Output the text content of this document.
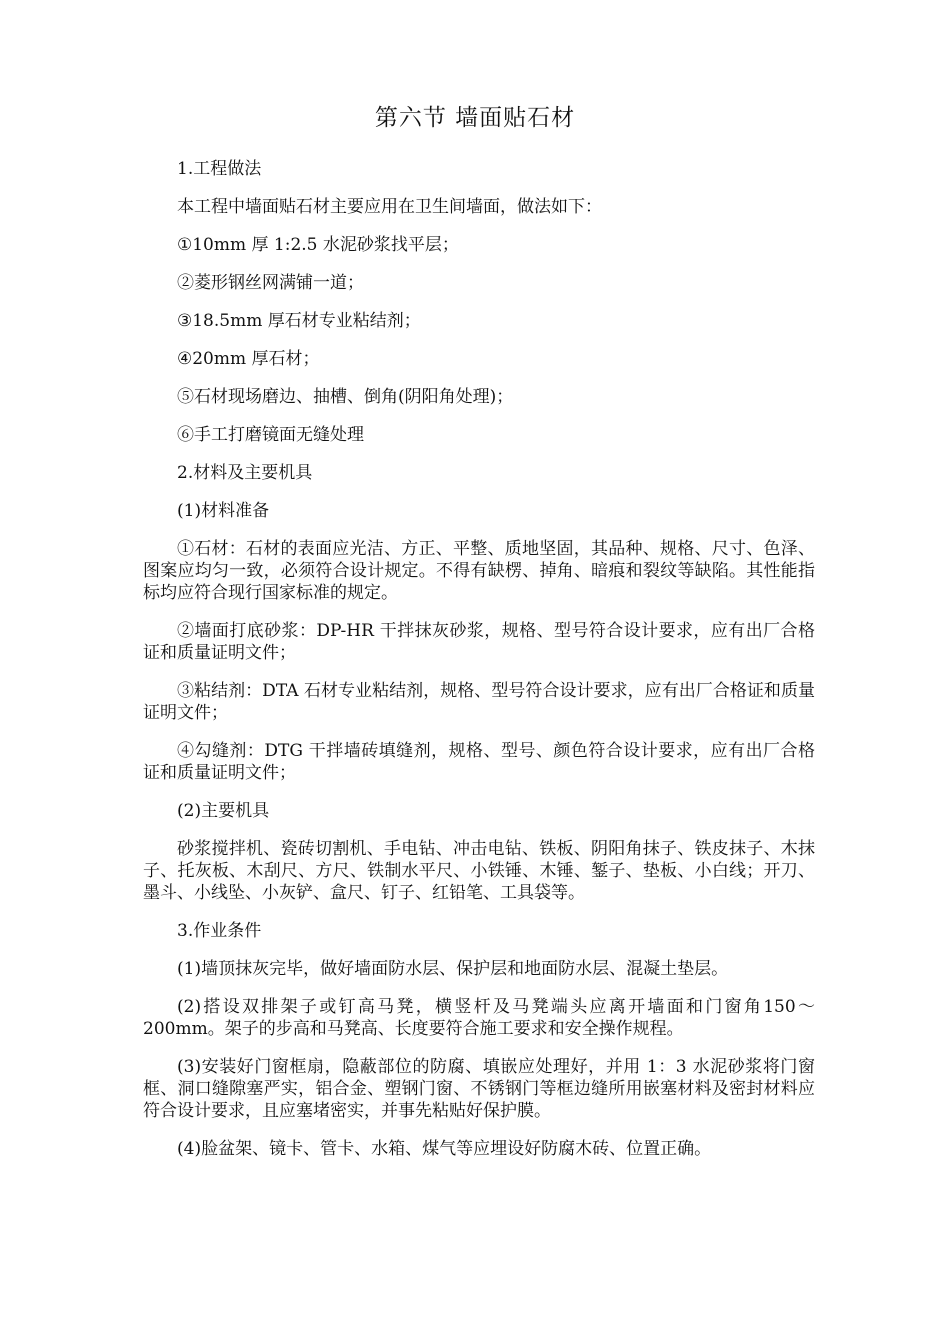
第六节 墙面贴石材

1.工程做法

本工程中墙面贴石材主要应用在卫生间墙面，做法如下：

①10mm 厚 1:2.5 水泥砂浆找平层；

②菱形钢丝网满铺一道；

③18.5mm 厚石材专业粘结剂；

④20mm 厚石材；

⑤石材现场磨边、抽槽、倒角(阴阳角处理)；

⑥手工打磨镜面无缝处理

2.材料及主要机具

(1)材料准备

①石材：石材的表面应光洁、方正、平整、质地坚固，其品种、规格、尺寸、色泽、图案应均匀一致，必须符合设计规定。不得有缺楞、掉角、暗痕和裂纹等缺陷。其性能指标均应符合现行国家标准的规定。

②墙面打底砂浆：DP-HR 干拌抹灰砂浆，规格、型号符合设计要求，应有出厂合格证和质量证明文件；

③粘结剂：DTA 石材专业粘结剂，规格、型号符合设计要求，应有出厂合格证和质量证明文件；

④勾缝剂：DTG 干拌墙砖填缝剂，规格、型号、颜色符合设计要求，应有出厂合格证和质量证明文件；

(2)主要机具

砂浆搅拌机、瓷砖切割机、手电钻、冲击电钻、铁板、阴阳角抹子、铁皮抹子、木抹子、托灰板、木刮尺、方尺、铁制水平尺、小铁锤、木锤、錾子、垫板、小白线；开刀、墨斗、小线坠、小灰铲、盒尺、钉子、红铅笔、工具袋等。

3.作业条件

(1)墙顶抹灰完毕，做好墙面防水层、保护层和地面防水层、混凝土垫层。

(2)搭设双排架子或钉高马凳，横竖杆及马凳端头应离开墙面和门窗角150～200mm。架子的步高和马凳高、长度要符合施工要求和安全操作规程。

(3)安装好门窗框扇，隐蔽部位的防腐、填嵌应处理好，并用 1：3 水泥砂浆将门窗框、洞口缝隙塞严实，铝合金、塑钢门窗、不锈钢门等框边缝所用嵌塞材料及密封材料应符合设计要求，且应塞堵密实，并事先粘贴好保护膜。

(4)脸盆架、镜卡、管卡、水箱、煤气等应埋设好防腐木砖、位置正确。
